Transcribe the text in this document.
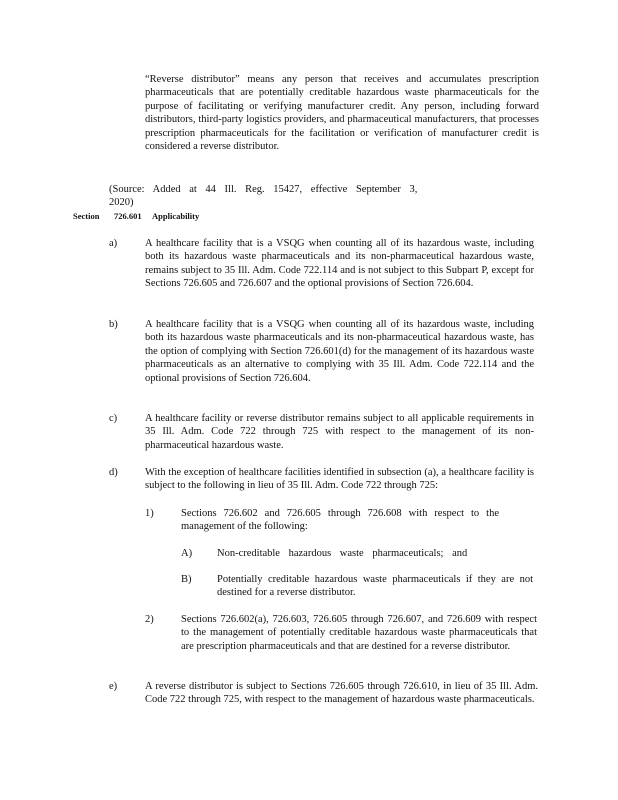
“Reverse distributor” means any person that receives and accumulates prescription pharmaceuticals that are potentially creditable hazardous waste pharmaceuticals for the purpose of facilitating or verifying manufacturer credit. Any person, including forward distributors, third-party logistics providers, and pharmaceutical manufacturers, that processes prescription pharmaceuticals for the facilitation or verification of manufacturer credit is considered a reverse distributor.
(Source: Added at 44 Ill. Reg. 15427, effective September 3, 2020)
Section 726.601 Applicability
a)	A healthcare facility that is a VSQG when counting all of its hazardous waste, including both its hazardous waste pharmaceuticals and its non-pharmaceutical hazardous waste, remains subject to 35 Ill. Adm. Code 722.114 and is not subject to this Subpart P, except for Sections 726.605 and 726.607 and the optional provisions of Section 726.604.
b)	A healthcare facility that is a VSQG when counting all of its hazardous waste, including both its hazardous waste pharmaceuticals and its non-pharmaceutical hazardous waste, has the option of complying with Section 726.601(d) for the management of its hazardous waste pharmaceuticals as an alternative to complying with 35 Ill. Adm. Code 722.114 and the optional provisions of Section 726.604.
c)	A healthcare facility or reverse distributor remains subject to all applicable requirements in 35 Ill. Adm. Code 722 through 725 with respect to the management of its non-pharmaceutical hazardous waste.
d)	With the exception of healthcare facilities identified in subsection (a), a healthcare facility is subject to the following in lieu of 35 Ill. Adm. Code 722 through 725:
1)	Sections 726.602 and 726.605 through 726.608 with respect to the management of the following:
A) Non-creditable hazardous waste pharmaceuticals; and
B) Potentially creditable hazardous waste pharmaceuticals if they are not destined for a reverse distributor.
2)	Sections 726.602(a), 726.603, 726.605 through 726.607, and 726.609 with respect to the management of potentially creditable hazardous waste pharmaceuticals that are prescription pharmaceuticals and that are destined for a reverse distributor.
e)	A reverse distributor is subject to Sections 726.605 through 726.610, in lieu of 35 Ill. Adm. Code 722 through 725, with respect to the management of hazardous waste pharmaceuticals.
